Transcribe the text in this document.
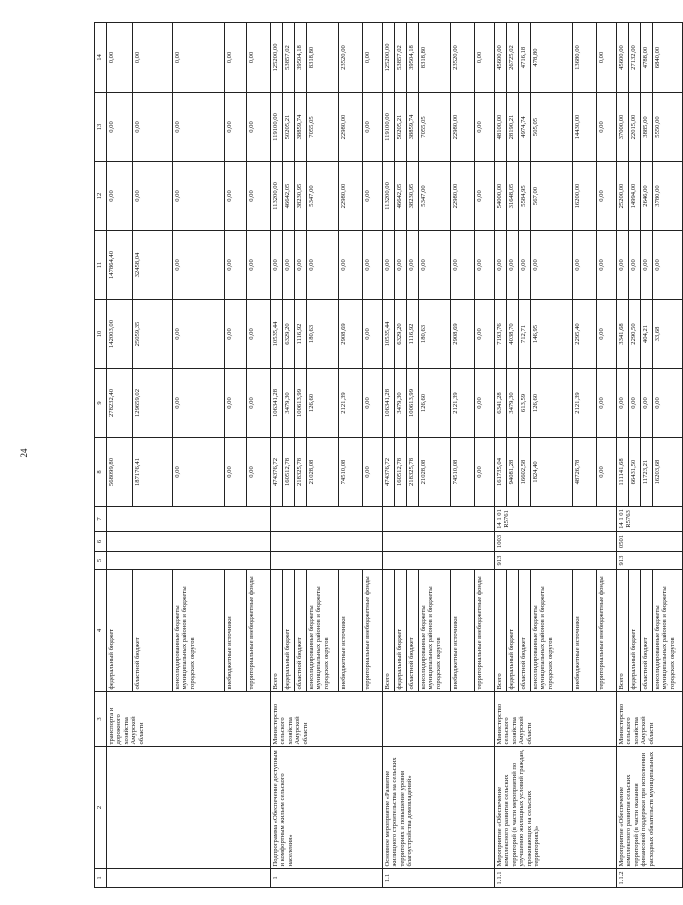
24
1	2	3	4	5	6	7	8	9	10	11	12	13	14
		транспорта и дорожного хозяйства Амурской области	федеральный бюджет				568099,80	278232,40	142003,00	147864,40	0,00	0,00	0,00
			областной бюджет				187176,41	129659,02	25059,35	32458,04	0,00	0,00	0,00
			консолидированные бюджеты муниципальных районов и бюджеты городских округов				0,00	0,00	0,00	0,00	0,00	0,00	0,00
			внебюджетные источники				0,00	0,00	0,00	0,00	0,00	0,00	0,00
			территориальные внебюджетные фонды				0,00	0,00	0,00	0,00	0,00	0,00	0,00
1	Подпрограмма «Обеспечение доступным и комфортным жильем сельского населения»	Министерство сельского хозяйства Амурской области	Всего				474376,72	106341,28	10535,44	0,00	113200,00	119100,00	125200,00
			федеральный бюджет				160512,78	3479,30	6329,20	0,00	46642,05	50205,21	53857,02
			областной бюджет				218325,78	100613,99	1116,92	0,00	38230,95	38859,74	39504,18
			консолидированные бюджеты муниципальных районов и бюджеты городских округов				21028,08	126,60	180,63	0,00	5347,00	7055,05	8318,80
			внебюджетные источники				74510,08	2121,39	2908,69	0,00	22980,00	22980,00	23520,00
			территориальные внебюджетные фонды				0,00	0,00	0,00	0,00	0,00	0,00	0,00
1.1	Основное мероприятие «Развитие жилищного строительства на сельских территориях и повышение уровня благоустройства домовладений»		Всего				474376,72	106341,28	10535,44	0,00	113200,00	119100,00	125200,00
			федеральный бюджет				160512,78	3479,30	6329,20	0,00	46642,05	50205,21	53857,02
			областной бюджет				218325,78	100613,99	1116,92	0,00	38230,95	38859,74	39504,18
			консолидированные бюджеты муниципальных районов и бюджеты городских округов				21028,08	126,60	180,63	0,00	5347,00	7055,05	8318,80
			внебюджетные источники				74510,08	2121,39	2908,69	0,00	22980,00	22980,00	23520,00
			территориальные внебюджетные фонды				0,00	0,00	0,00	0,00	0,00	0,00	0,00
1.1.1	Мероприятие «Обеспечение комплексного развития сельских территорий (в части мероприятий по улучшению жилищных условий граждан, проживающих на сельских территориях)»	Министерство сельского хозяйства Амурской области	Всего	913	1003	14 1 01 R5761	161735,04	6341,28	7193,76	0,00	54000,00	48100,00	45600,00
			федеральный бюджет				94081,28	3479,30	4038,70	0,00	31648,05	28190,21	26725,02
			областной бюджет				16602,58	613,59	712,71	0,00	5584,95	4974,74	4716,18
			консолидированные бюджеты муниципальных районов и бюджеты городских округов				1824,40	126,60	146,95	0,00	567,00	505,05	478,80
			внебюджетные источники				48726,78	2121,39	2295,40	0,00	16200,00	14430,00	13680,00
			территориальные внебюджетные фонды				0,00	0,00	0,00	0,00	0,00	0,00	0,00
1.1.2	Мероприятие «Обеспечение комплексного развития сельских территорий (в части оказания финансовой поддержки при исполнении расходных обязательств муниципальных	Министерство сельского хозяйства Амурской области	Всего	913	0501	14 1 01 R5763	111141,68	0,00	3341,68	0,00	25200,00	37000,00	45600,00
			федеральный бюджет				66431,50	0,00	2290,50	0,00	14994,00	22015,00	27132,00
			областной бюджет				11723,21	0,00	404,21	0,00	2646,00	3885,00	4788,00
			консолидированные бюджеты муниципальных районов и бюджеты городских округов				16203,68	0,00	33,68	0,00	3780,00	5550,00	6840,00
